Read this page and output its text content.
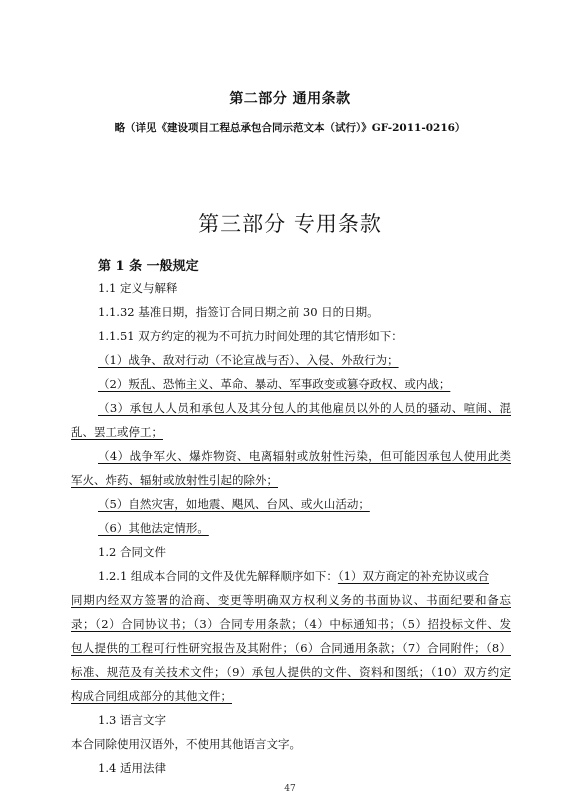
第二部分 通用条款
略（详见《建设项目工程总承包合同示范文本（试行）》GF-2011-0216）
第三部分 专用条款
第 1 条 一般规定
1.1 定义与解释
1.1.32 基准日期，指签订合同日期之前 30 日的日期。
1.1.51 双方约定的视为不可抗力时间处理的其它情形如下：
（1）战争、敌对行动（不论宣战与否）、入侵、外敌行为；
（2）叛乱、恐怖主义、革命、暴动、军事政变或篡夺政权、或内战；
（3）承包人人员和承包人及其分包人的其他雇员以外的人员的骚动、喧闹、混
乱、罢工或停工；
（4）战争军火、爆炸物资、电离辐射或放射性污染，但可能因承包人使用此类
军火、炸药、辐射或放射性引起的除外；
（5）自然灾害，如地震、飓风、台风、或火山活动；
（6）其他法定情形。
1.2 合同文件
1.2.1 组成本合同的文件及优先解释顺序如下：（1）双方商定的补充协议或合
同期内经双方签署的洽商、变更等明确双方权利义务的书面协议、书面纪要和备忘
录；（2）合同协议书；（3）合同专用条款；（4）中标通知书；（5）招投标文件、发
包人提供的工程可行性研究报告及其附件；（6）合同通用条款；（7）合同附件；（8）
标准、规范及有关技术文件；（9）承包人提供的文件、资料和图纸；（10）双方约定
构成合同组成部分的其他文件；
1.3 语言文字
本合同除使用汉语外，不使用其他语言文字。
1.4 适用法律
47
